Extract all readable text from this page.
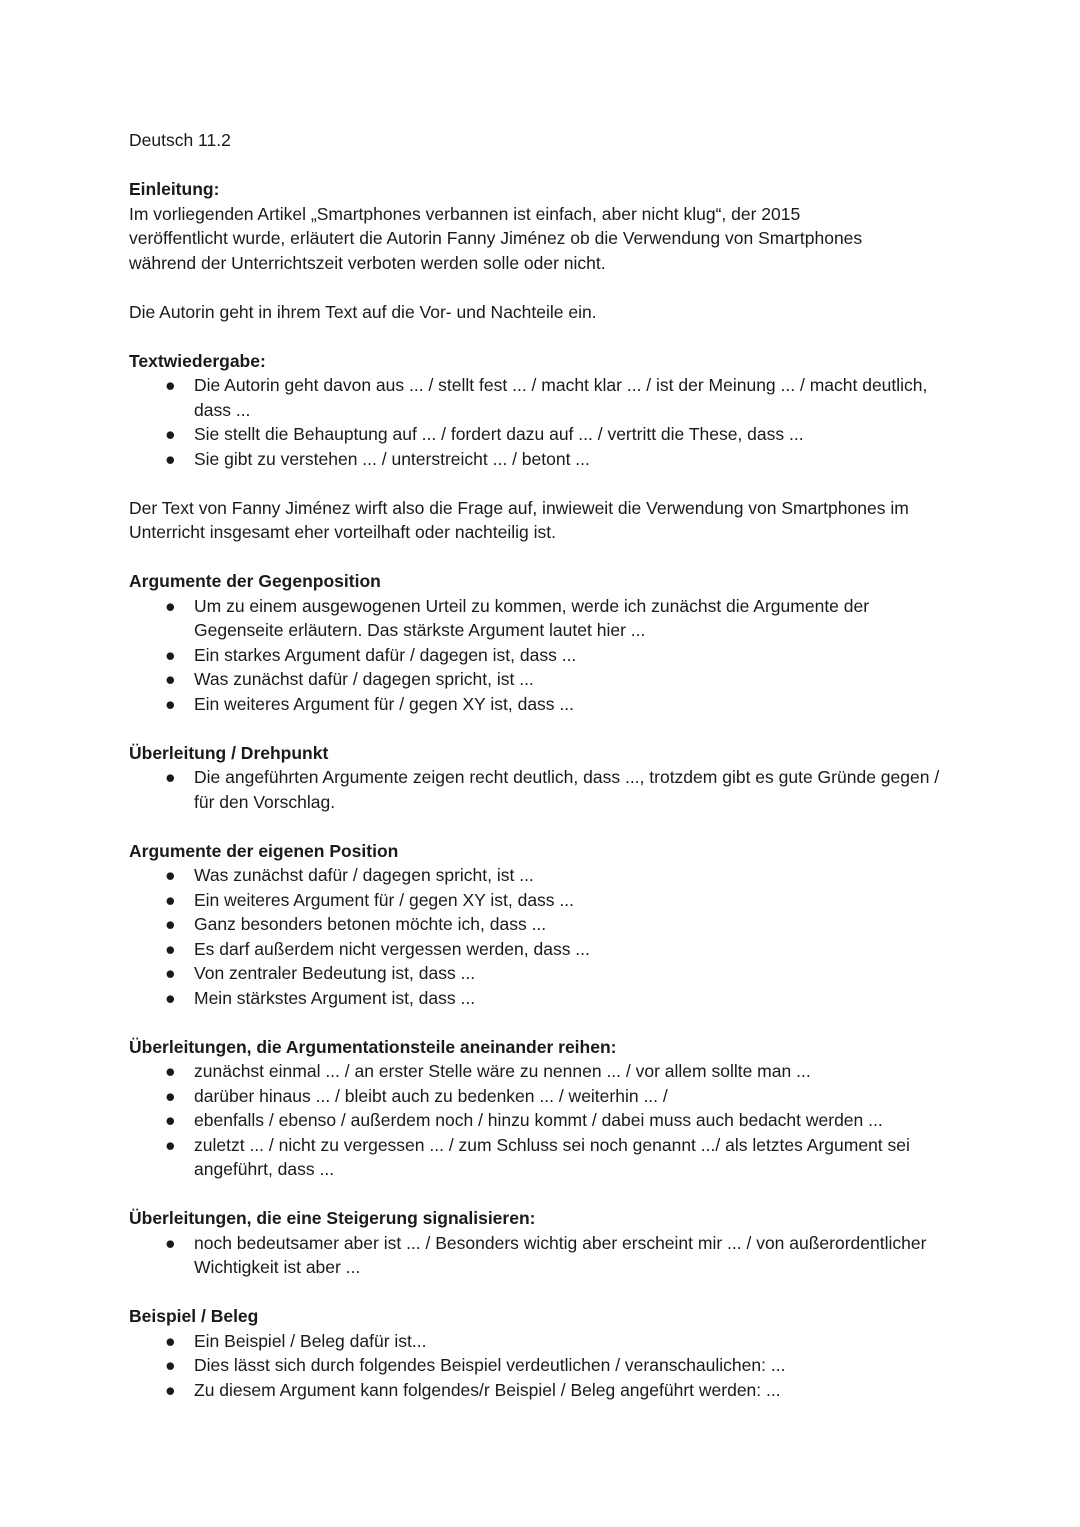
Deutsch 11.2

Einleitung:

Im vorliegenden Artikel „Smartphones verbannen ist einfach, aber nicht klug“, der 2015

veröffentlicht wurde, erläutert die Autorin Fanny Jiménez ob die Verwendung von Smartphones

während der Unterrichtszeit verboten werden solle oder nicht.

Die Autorin geht in ihrem Text auf die Vor- und Nachteile ein.

Textwiedergabe:

● Die Autorin geht davon aus ... / stellt fest ... / macht klar ... / ist der Meinung ... / macht deutlich, dass ...
● Sie stellt die Behauptung auf ... / fordert dazu auf ... / vertritt die These, dass ...
● Sie gibt zu verstehen ... / unterstreicht ... / betont ...

Der Text von Fanny Jiménez wirft also die Frage auf, inwieweit die Verwendung von Smartphones im Unterricht insgesamt eher vorteilhaft oder nachteilig ist.

Argumente der Gegenposition

● Um zu einem ausgewogenen Urteil zu kommen, werde ich zunächst die Argumente der Gegenseite erläutern. Das stärkste Argument lautet hier ...
● Ein starkes Argument dafür / dagegen ist, dass ...
● Was zunächst dafür / dagegen spricht, ist ...
● Ein weiteres Argument für / gegen XY ist, dass ...

Überleitung / Drehpunkt

● Die angeführten Argumente zeigen recht deutlich, dass ..., trotzdem gibt es gute Gründe gegen / für den Vorschlag.

Argumente der eigenen Position

● Was zunächst dafür / dagegen spricht, ist ...
● Ein weiteres Argument für / gegen XY ist, dass ...
● Ganz besonders betonen möchte ich, dass ...
● Es darf außerdem nicht vergessen werden, dass ...
● Von zentraler Bedeutung ist, dass ...
● Mein stärkstes Argument ist, dass ...

Überleitungen, die Argumentationsteile aneinander reihen:

● zunächst einmal ... / an erster Stelle wäre zu nennen ... / vor allem sollte man ...
● darüber hinaus ... / bleibt auch zu bedenken ... / weiterhin ... /
● ebenfalls / ebenso / außerdem noch / hinzu kommt / dabei muss auch bedacht werden ...
● zuletzt ... / nicht zu vergessen ... / zum Schluss sei noch genannt .../ als letztes Argument sei angeführt, dass ...

Überleitungen, die eine Steigerung signalisieren:

● noch bedeutsamer aber ist ... / Besonders wichtig aber erscheint mir ... / von außerordentlicher Wichtigkeit ist aber ...

Beispiel / Beleg

● Ein Beispiel / Beleg dafür ist...
● Dies lässt sich durch folgendes Beispiel verdeutlichen / veranschaulichen: ...
● Zu diesem Argument kann folgendes/r Beispiel / Beleg angeführt werden: ...
